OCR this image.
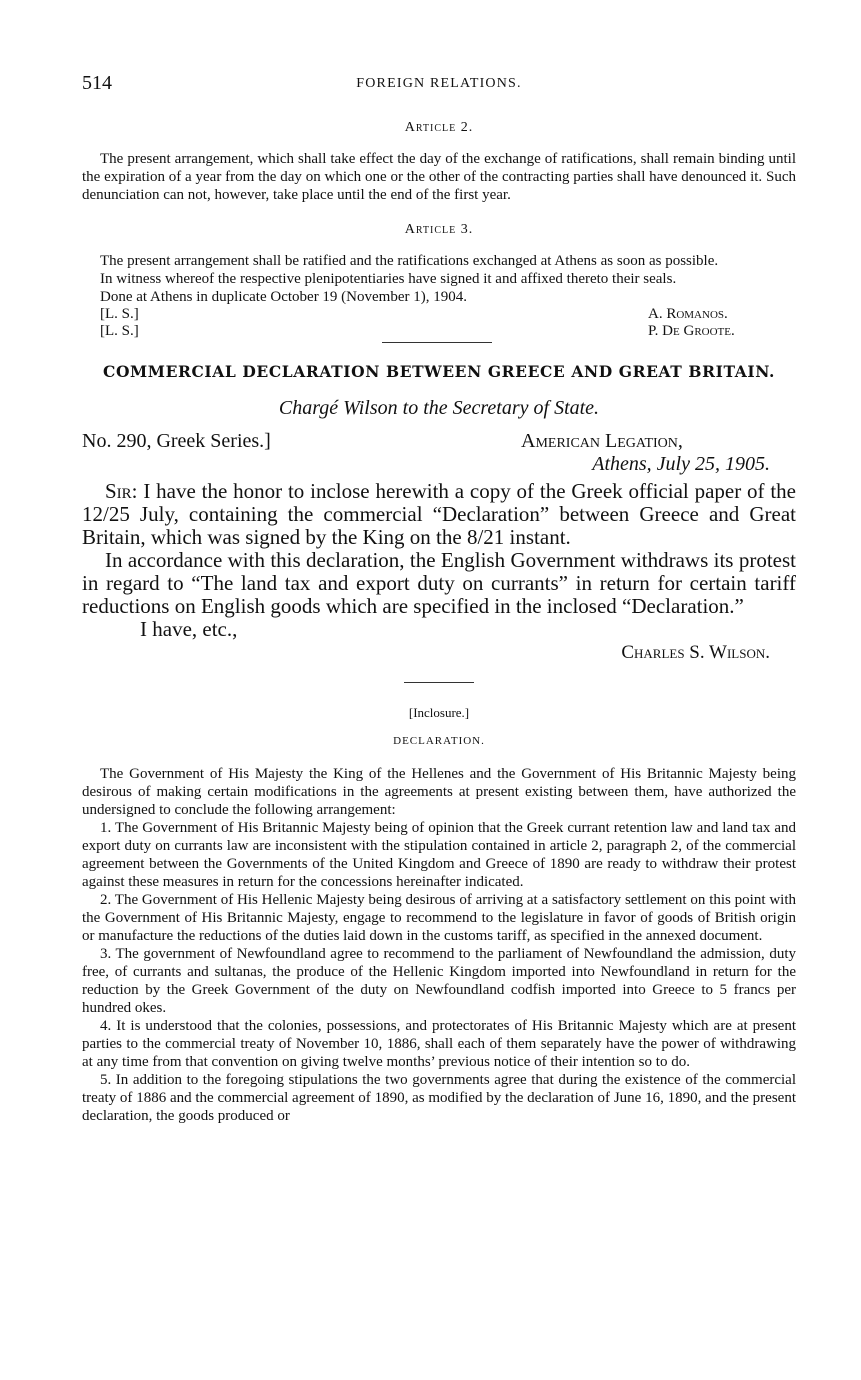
514	FOREIGN RELATIONS.

Article 2.

The present arrangement, which shall take effect the day of the exchange of ratifications, shall remain binding until the expiration of a year from the day on which one or the other of the contracting parties shall have denounced it. Such denunciation can not, however, take place until the end of the first year.

Article 3.

The present arrangement shall be ratified and the ratifications exchanged at Athens as soon as possible.

In witness whereof the respective plenipotentiaries have signed it and affixed thereto their seals.

Done at Athens in duplicate October 19 (November 1), 1904.

[L. S.]	A. Romanos.
[L. S.]	P. De Groote.

COMMERCIAL DECLARATION BETWEEN GREECE AND GREAT BRITAIN.

Chargé Wilson to the Secretary of State.

No. 290, Greek Series.]	American Legation,
Athens, July 25, 1905.

Sir: I have the honor to inclose herewith a copy of the Greek official paper of the 12/25 July, containing the commercial “Declaration” between Greece and Great Britain, which was signed by the King on the 8/21 instant.

In accordance with this declaration, the English Government withdraws its protest in regard to “The land tax and export duty on currants” in return for certain tariff reductions on English goods which are specified in the inclosed “Declaration.”

I have, etc.,

Charles S. Wilson.

[Inclosure.]

DECLARATION.

The Government of His Majesty the King of the Hellenes and the Government of His Britannic Majesty being desirous of making certain modifications in the agreements at present existing between them, have authorized the undersigned to conclude the following arrangement:

1. The Government of His Britannic Majesty being of opinion that the Greek currant retention law and land tax and export duty on currants law are inconsistent with the stipulation contained in article 2, paragraph 2, of the commercial agreement between the Governments of the United Kingdom and Greece of 1890 are ready to withdraw their protest against these measures in return for the concessions hereinafter indicated.

2. The Government of His Hellenic Majesty being desirous of arriving at a satisfactory settlement on this point with the Government of His Britannic Majesty, engage to recommend to the legislature in favor of goods of British origin or manufacture the reductions of the duties laid down in the customs tariff, as specified in the annexed document.

3. The government of Newfoundland agree to recommend to the parliament of Newfoundland the admission, duty free, of currants and sultanas, the produce of the Hellenic Kingdom imported into Newfoundland in return for the reduction by the Greek Government of the duty on Newfoundland codfish imported into Greece to 5 francs per hundred okes.

4. It is understood that the colonies, possessions, and protectorates of His Britannic Majesty which are at present parties to the commercial treaty of November 10, 1886, shall each of them separately have the power of withdrawing at any time from that convention on giving twelve months’ previous notice of their intention so to do.

5. In addition to the foregoing stipulations the two governments agree that during the existence of the commercial treaty of 1886 and the commercial agreement of 1890, as modified by the declaration of June 16, 1890, and the present declaration, the goods produced or
